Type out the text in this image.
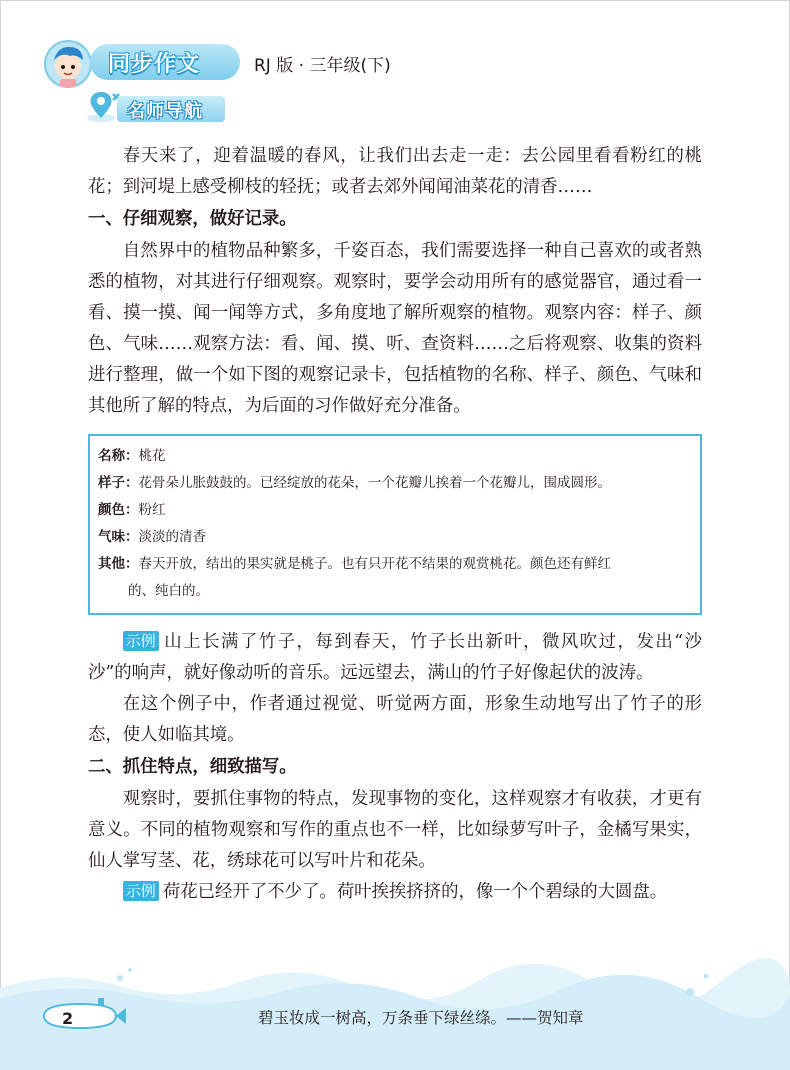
同步作文	RJ 版 · 三年级(下)
名师导航

春天来了，迎着温暖的春风，让我们出去走一走：去公园里看看粉红的桃花；到河堤上感受柳枝的轻抚；或者去郊外闻闻油菜花的清香……

一、仔细观察，做好记录。

自然界中的植物品种繁多，千姿百态，我们需要选择一种自己喜欢的或者熟悉的植物，对其进行仔细观察。观察时，要学会动用所有的感觉器官，通过看一看、摸一摸、闻一闻等方式，多角度地了解所观察的植物。观察内容：样子、颜色、气味……观察方法：看、闻、摸、听、查资料……之后将观察、收集的资料进行整理，做一个如下图的观察记录卡，包括植物的名称、样子、颜色、气味和其他所了解的特点，为后面的习作做好充分准备。

名称：桃花
样子：花骨朵儿胀鼓鼓的。已经绽放的花朵，一个花瓣儿挨着一个花瓣儿，围成圆形。
颜色：粉红
气味：淡淡的清香
其他：春天开放，结出的果实就是桃子。也有只开花不结果的观赏桃花。颜色还有鲜红
的、纯白的。

示例 山上长满了竹子，每到春天，竹子长出新叶，微风吹过，发出“沙沙”的响声，就好像动听的音乐。远远望去，满山的竹子好像起伏的波涛。

在这个例子中，作者通过视觉、听觉两方面，形象生动地写出了竹子的形态，使人如临其境。

二、抓住特点，细致描写。

观察时，要抓住事物的特点，发现事物的变化，这样观察才有收获，才更有意义。不同的植物观察和写作的重点也不一样，比如绿萝写叶子，金橘写果实，仙人掌写茎、花，绣球花可以写叶片和花朵。

示例 荷花已经开了不少了。荷叶挨挨挤挤的，像一个个碧绿的大圆盘。

2	碧玉妆成一树高，万条垂下绿丝绦。——贺知章
